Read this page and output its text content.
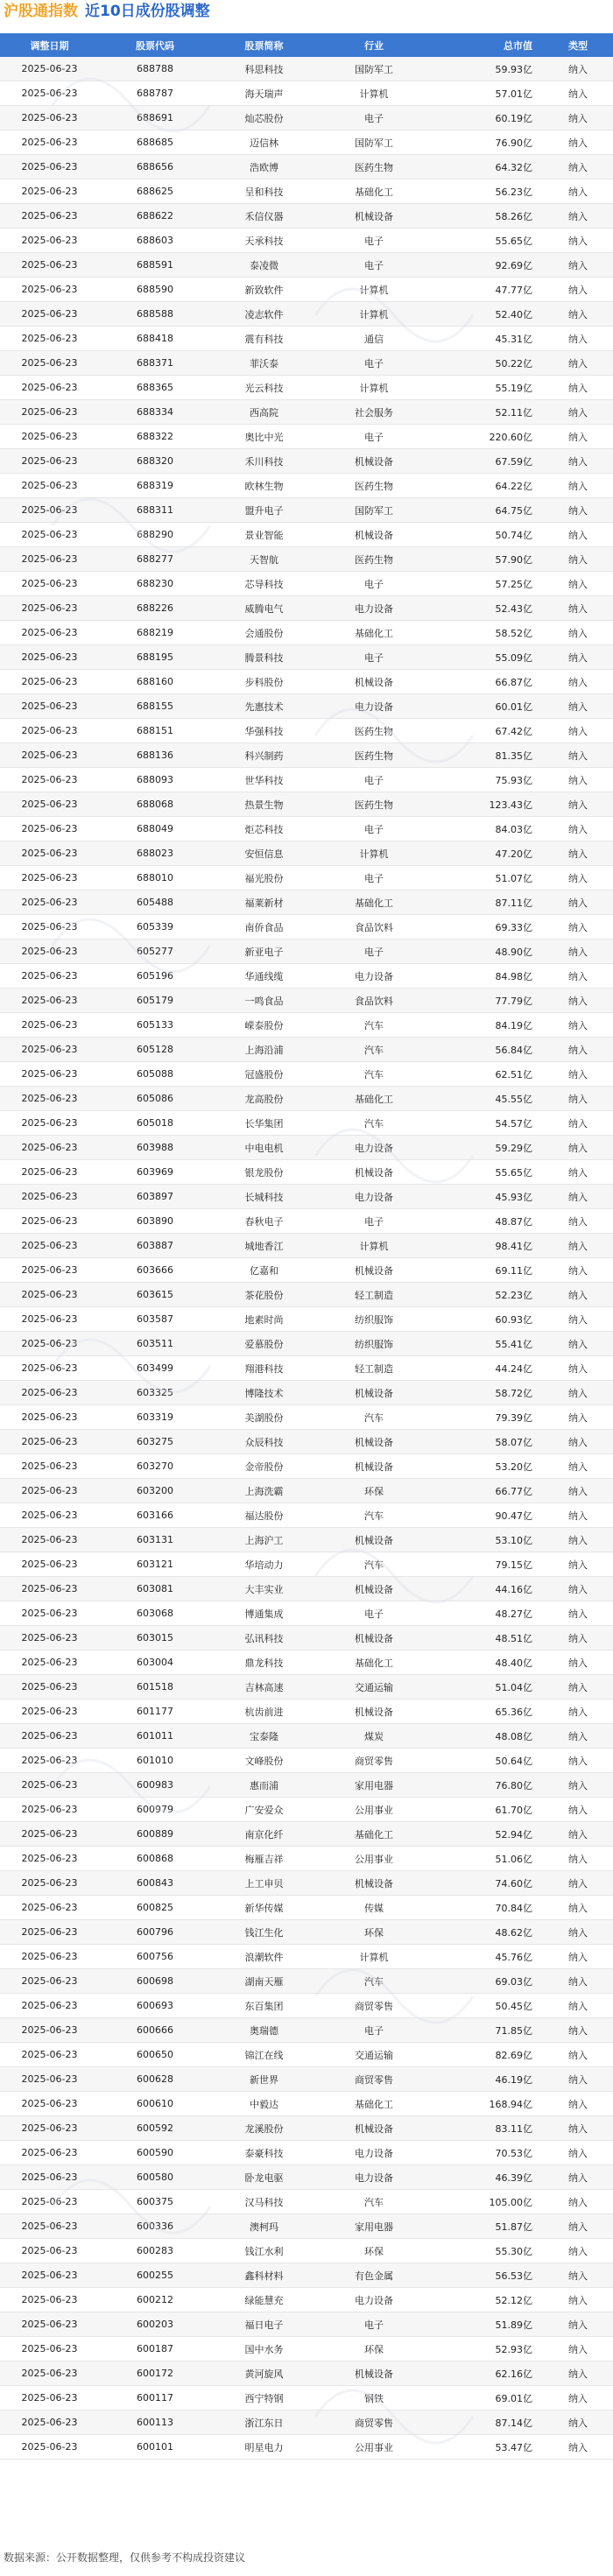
沪股通指数 近10日成份股调整
调整日期	股票代码	股票简称	行业	总市值	类型
2025-06-23	688788	科思科技	国防军工	59.93亿	纳入
2025-06-23	688787	海天瑞声	计算机	57.01亿	纳入
2025-06-23	688691	灿芯股份	电子	60.19亿	纳入
2025-06-23	688685	迈信林	国防军工	76.90亿	纳入
2025-06-23	688656	浩欧博	医药生物	64.32亿	纳入
2025-06-23	688625	呈和科技	基础化工	56.23亿	纳入
2025-06-23	688622	禾信仪器	机械设备	58.26亿	纳入
2025-06-23	688603	天承科技	电子	55.65亿	纳入
2025-06-23	688591	泰凌微	电子	92.69亿	纳入
2025-06-23	688590	新致软件	计算机	47.77亿	纳入
2025-06-23	688588	凌志软件	计算机	52.40亿	纳入
2025-06-23	688418	震有科技	通信	45.31亿	纳入
2025-06-23	688371	菲沃泰	电子	50.22亿	纳入
2025-06-23	688365	光云科技	计算机	55.19亿	纳入
2025-06-23	688334	西高院	社会服务	52.11亿	纳入
2025-06-23	688322	奥比中光	电子	220.60亿	纳入
2025-06-23	688320	禾川科技	机械设备	67.59亿	纳入
2025-06-23	688319	欧林生物	医药生物	64.22亿	纳入
2025-06-23	688311	盟升电子	国防军工	64.75亿	纳入
2025-06-23	688290	景业智能	机械设备	50.74亿	纳入
2025-06-23	688277	天智航	医药生物	57.90亿	纳入
2025-06-23	688230	芯导科技	电子	57.25亿	纳入
2025-06-23	688226	威腾电气	电力设备	52.43亿	纳入
2025-06-23	688219	会通股份	基础化工	58.52亿	纳入
2025-06-23	688195	腾景科技	电子	55.09亿	纳入
2025-06-23	688160	步科股份	机械设备	66.87亿	纳入
2025-06-23	688155	先惠技术	电力设备	60.01亿	纳入
2025-06-23	688151	华强科技	医药生物	67.42亿	纳入
2025-06-23	688136	科兴制药	医药生物	81.35亿	纳入
2025-06-23	688093	世华科技	电子	75.93亿	纳入
2025-06-23	688068	热景生物	医药生物	123.43亿	纳入
2025-06-23	688049	炬芯科技	电子	84.03亿	纳入
2025-06-23	688023	安恒信息	计算机	47.20亿	纳入
2025-06-23	688010	福光股份	电子	51.07亿	纳入
2025-06-23	605488	福莱新材	基础化工	87.11亿	纳入
2025-06-23	605339	南侨食品	食品饮料	69.33亿	纳入
2025-06-23	605277	新亚电子	电子	48.90亿	纳入
2025-06-23	605196	华通线缆	电力设备	84.98亿	纳入
2025-06-23	605179	一鸣食品	食品饮料	77.79亿	纳入
2025-06-23	605133	嵘泰股份	汽车	84.19亿	纳入
2025-06-23	605128	上海沿浦	汽车	56.84亿	纳入
2025-06-23	605088	冠盛股份	汽车	62.51亿	纳入
2025-06-23	605086	龙高股份	基础化工	45.55亿	纳入
2025-06-23	605018	长华集团	汽车	54.57亿	纳入
2025-06-23	603988	中电电机	电力设备	59.29亿	纳入
2025-06-23	603969	银龙股份	机械设备	55.65亿	纳入
2025-06-23	603897	长城科技	电力设备	45.93亿	纳入
2025-06-23	603890	春秋电子	电子	48.87亿	纳入
2025-06-23	603887	城地香江	计算机	98.41亿	纳入
2025-06-23	603666	亿嘉和	机械设备	69.11亿	纳入
2025-06-23	603615	茶花股份	轻工制造	52.23亿	纳入
2025-06-23	603587	地素时尚	纺织服饰	60.93亿	纳入
2025-06-23	603511	爱慕股份	纺织服饰	55.41亿	纳入
2025-06-23	603499	翔港科技	轻工制造	44.24亿	纳入
2025-06-23	603325	博隆技术	机械设备	58.72亿	纳入
2025-06-23	603319	美湖股份	汽车	79.39亿	纳入
2025-06-23	603275	众辰科技	机械设备	58.07亿	纳入
2025-06-23	603270	金帝股份	机械设备	53.20亿	纳入
2025-06-23	603200	上海洗霸	环保	66.77亿	纳入
2025-06-23	603166	福达股份	汽车	90.47亿	纳入
2025-06-23	603131	上海沪工	机械设备	53.10亿	纳入
2025-06-23	603121	华培动力	汽车	79.15亿	纳入
2025-06-23	603081	大丰实业	机械设备	44.16亿	纳入
2025-06-23	603068	博通集成	电子	48.27亿	纳入
2025-06-23	603015	弘讯科技	机械设备	48.51亿	纳入
2025-06-23	603004	鼎龙科技	基础化工	48.40亿	纳入
2025-06-23	601518	吉林高速	交通运输	51.04亿	纳入
2025-06-23	601177	杭齿前进	机械设备	65.36亿	纳入
2025-06-23	601011	宝泰隆	煤炭	48.08亿	纳入
2025-06-23	601010	文峰股份	商贸零售	50.64亿	纳入
2025-06-23	600983	惠而浦	家用电器	76.80亿	纳入
2025-06-23	600979	广安爱众	公用事业	61.70亿	纳入
2025-06-23	600889	南京化纤	基础化工	52.94亿	纳入
2025-06-23	600868	梅雁吉祥	公用事业	51.06亿	纳入
2025-06-23	600843	上工申贝	机械设备	74.60亿	纳入
2025-06-23	600825	新华传媒	传媒	70.84亿	纳入
2025-06-23	600796	钱江生化	环保	48.62亿	纳入
2025-06-23	600756	浪潮软件	计算机	45.76亿	纳入
2025-06-23	600698	湖南天雁	汽车	69.03亿	纳入
2025-06-23	600693	东百集团	商贸零售	50.45亿	纳入
2025-06-23	600666	奥瑞德	电子	71.85亿	纳入
2025-06-23	600650	锦江在线	交通运输	82.69亿	纳入
2025-06-23	600628	新世界	商贸零售	46.19亿	纳入
2025-06-23	600610	中毅达	基础化工	168.94亿	纳入
2025-06-23	600592	龙溪股份	机械设备	83.11亿	纳入
2025-06-23	600590	泰豪科技	电力设备	70.53亿	纳入
2025-06-23	600580	卧龙电驱	电力设备	46.39亿	纳入
2025-06-23	600375	汉马科技	汽车	105.00亿	纳入
2025-06-23	600336	澳柯玛	家用电器	51.87亿	纳入
2025-06-23	600283	钱江水利	环保	55.30亿	纳入
2025-06-23	600255	鑫科材料	有色金属	56.53亿	纳入
2025-06-23	600212	绿能慧充	电力设备	52.12亿	纳入
2025-06-23	600203	福日电子	电子	51.89亿	纳入
2025-06-23	600187	国中水务	环保	52.93亿	纳入
2025-06-23	600172	黄河旋风	机械设备	62.16亿	纳入
2025-06-23	600117	西宁特钢	钢铁	69.01亿	纳入
2025-06-23	600113	浙江东日	商贸零售	87.14亿	纳入
2025-06-23	600101	明星电力	公用事业	53.47亿	纳入
数据来源：公开数据整理，仅供参考不构成投资建议
